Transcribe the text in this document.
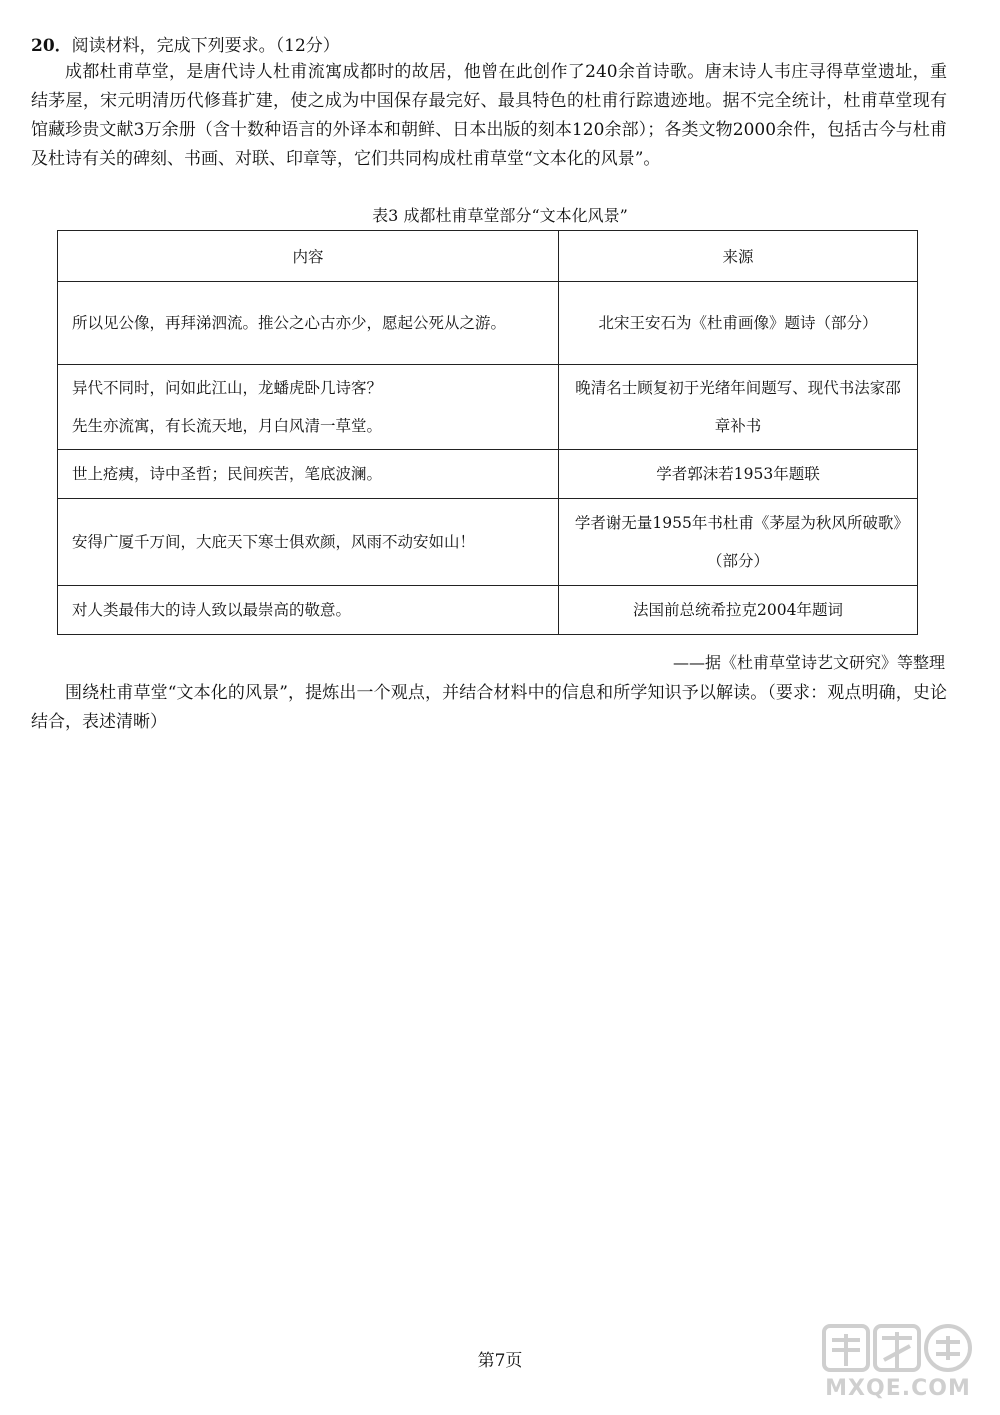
20．阅读材料，完成下列要求。（12分）
成都杜甫草堂，是唐代诗人杜甫流寓成都时的故居，他曾在此创作了240余首诗歌。唐末诗人韦庄寻得草堂遗址，重结茅屋，宋元明清历代修葺扩建，使之成为中国保存最完好、最具特色的杜甫行踪遗迹地。据不完全统计，杜甫草堂现有馆藏珍贵文献3万余册（含十数种语言的外译本和朝鲜、日本出版的刻本120余部）；各类文物2000余件，包括古今与杜甫及杜诗有关的碑刻、书画、对联、印章等，它们共同构成杜甫草堂“文本化的风景”。
表3 成都杜甫草堂部分“文本化风景”
内容	来源
所以见公像，再拜涕泗流。推公之心古亦少，愿起公死从之游。	北宋王安石为《杜甫画像》题诗（部分）
异代不同时，问如此江山，龙蟠虎卧几诗客？
先生亦流寓，有长流天地，月白风清一草堂。	晚清名士顾复初于光绪年间题写、现代书法家邵章补书
世上疮痍，诗中圣哲；民间疾苦，笔底波澜。	学者郭沫若1953年题联
安得广厦千万间，大庇天下寒士俱欢颜，风雨不动安如山！	学者谢无量1955年书杜甫《茅屋为秋风所破歌》（部分）
对人类最伟大的诗人致以最崇高的敬意。	法国前总统希拉克2004年题词
——据《杜甫草堂诗艺文研究》等整理
围绕杜甫草堂“文本化的风景”，提炼出一个观点，并结合材料中的信息和所学知识予以解读。（要求：观点明确，史论结合，表述清晰）
第7页
MXQE.COM
